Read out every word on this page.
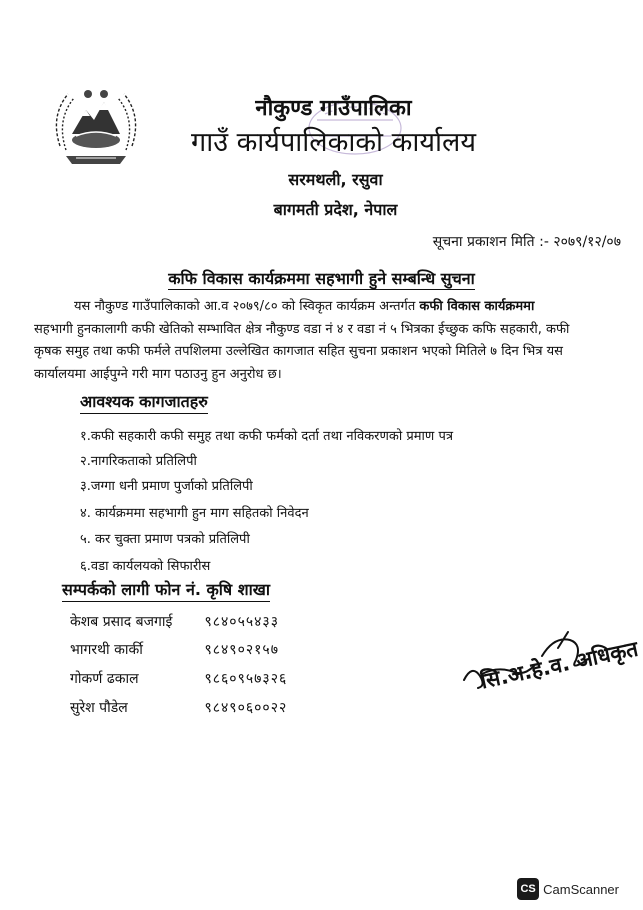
नौकुण्ड गाउँपालिका
गाउँ कार्यपालिकाको कार्यालय
सरमथली, रसुवा
बागमती प्रदेश, नेपाल
सूचना प्रकाशन मिति :- २०७९/१२/०७
कफि विकास कार्यक्रममा सहभागी हुने सम्बन्धि सुचना
यस नौकुण्ड गाउँपालिकाको आ.व २०७९/८० को स्विकृत कार्यक्रम अन्तर्गत कफी विकास कार्यक्रममा
सहभागी हुनकालागी कफी खेतिको सम्भावित क्षेत्र नौकुण्ड वडा नं ४ र वडा नं ५ भित्रका ईच्छुक कफि सहकारी, कफी
कृषक समुह तथा कफी फर्मले तपशिलमा उल्लेखित कागजात सहित सुचना प्रकाशन भएको मितिले ७ दिन भित्र यस
कार्यालयमा आईपुग्ने गरी माग पठाउनु हुन अनुरोध छ।
आवश्यक कागजातहरु
१.कफी सहकारी कफी समुह तथा कफी फर्मको दर्ता तथा नविकरणको प्रमाण पत्र
२.नागरिकताको प्रतिलिपी
३.जग्गा धनी प्रमाण पुर्जाको प्रतिलिपी
४. कार्यक्रममा सहभागी हुन माग सहितको निवेदन
५. कर चुक्ता प्रमाण पत्रको प्रतिलिपी
६.वडा कार्यलयको सिफारीस
सम्पर्कको लागी फोन नं. कृषि शाखा
केशब प्रसाद बजगाई ९८४०५५४३३
भागरथी कार्की	९८४९०२१५७
गोकर्ण ढकाल	९८६०९५७३२६
सुरेश पौडेल	९८४९०६००२२
सि.अ.हे.व. अधिकृत
CS CamScanner
